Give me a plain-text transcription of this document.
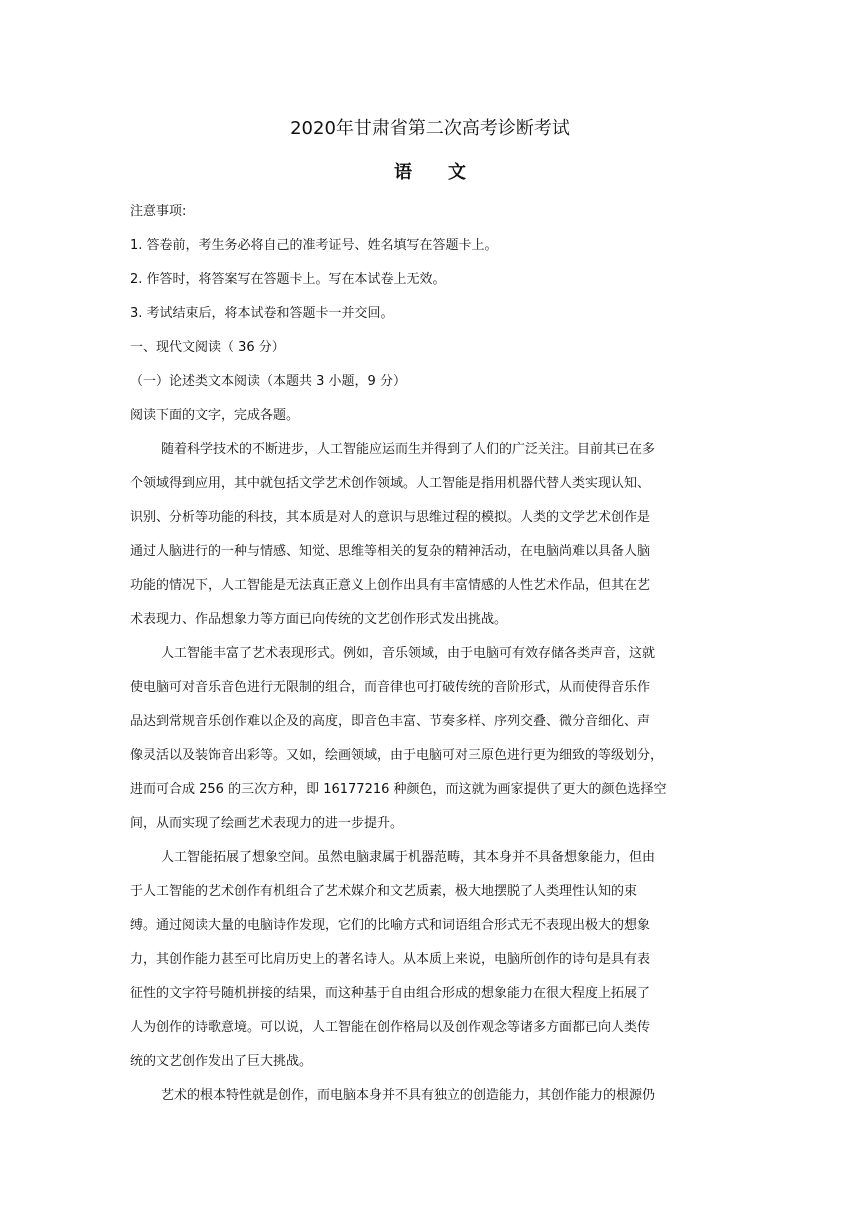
2020年甘肃省第二次高考诊断考试
语文

注意事项:

1. 答卷前，考生务必将自己的准考证号、姓名填写在答题卡上。

2. 作答时，将答案写在答题卡上。写在本试卷上无效。

3. 考试结束后，将本试卷和答题卡一并交回。

一、现代文阅读（ 36 分）

（一）论述类文本阅读（本题共 3 小题，9 分）

阅读下面的文字，完成各题。

随着科学技术的不断进步，人工智能应运而生并得到了人们的广泛关注。目前其已在多

个领域得到应用，其中就包括文学艺术创作领域。人工智能是指用机器代替人类实现认知、

识别、分析等功能的科技，其本质是对人的意识与思维过程的模拟。人类的文学艺术创作是

通过人脑进行的一种与情感、知觉、思维等相关的复杂的精神活动，在电脑尚难以具备人脑

功能的情况下，人工智能是无法真正意义上创作出具有丰富情感的人性艺术作品，但其在艺

术表现力、作品想象力等方面已向传统的文艺创作形式发出挑战。

人工智能丰富了艺术表现形式。例如，音乐领域，由于电脑可有效存储各类声音，这就

使电脑可对音乐音色进行无限制的组合，而音律也可打破传统的音阶形式，从而使得音乐作

品达到常规音乐创作难以企及的高度，即音色丰富、节奏多样、序列交叠、微分音细化、声

像灵活以及装饰音出彩等。又如，绘画领域，由于电脑可对三原色进行更为细致的等级划分，

进而可合成 256 的三次方种，即 16177216 种颜色，而这就为画家提供了更大的颜色选择空

间，从而实现了绘画艺术表现力的进一步提升。

人工智能拓展了想象空间。虽然电脑隶属于机器范畴，其本身并不具备想象能力，但由

于人工智能的艺术创作有机组合了艺术媒介和文艺质素，极大地摆脱了人类理性认知的束

缚。通过阅读大量的电脑诗作发现，它们的比喻方式和词语组合形式无不表现出极大的想象

力，其创作能力甚至可比肩历史上的著名诗人。从本质上来说，电脑所创作的诗句是具有表

征性的文字符号随机拼接的结果，而这种基于自由组合形成的想象能力在很大程度上拓展了

人为创作的诗歌意境。可以说，人工智能在创作格局以及创作观念等诸多方面都已向人类传

统的文艺创作发出了巨大挑战。

艺术的根本特性就是创作，而电脑本身并不具有独立的创造能力，其创作能力的根源仍
